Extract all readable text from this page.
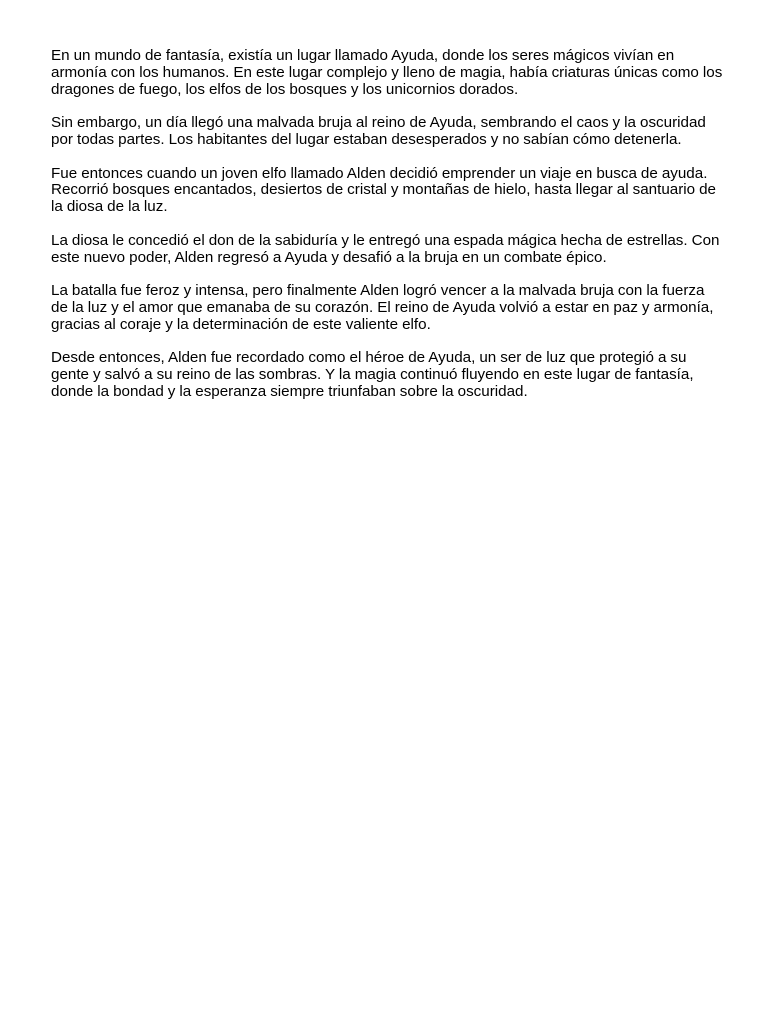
En un mundo de fantasía, existía un lugar llamado Ayuda, donde los seres mágicos vivían en armonía con los humanos. En este lugar complejo y lleno de magia, había criaturas únicas como los dragones de fuego, los elfos de los bosques y los unicornios dorados.

Sin embargo, un día llegó una malvada bruja al reino de Ayuda, sembrando el caos y la oscuridad por todas partes. Los habitantes del lugar estaban desesperados y no sabían cómo detenerla.

Fue entonces cuando un joven elfo llamado Alden decidió emprender un viaje en busca de ayuda. Recorrió bosques encantados, desiertos de cristal y montañas de hielo, hasta llegar al santuario de la diosa de la luz.

La diosa le concedió el don de la sabiduría y le entregó una espada mágica hecha de estrellas. Con este nuevo poder, Alden regresó a Ayuda y desafió a la bruja en un combate épico.

La batalla fue feroz y intensa, pero finalmente Alden logró vencer a la malvada bruja con la fuerza de la luz y el amor que emanaba de su corazón. El reino de Ayuda volvió a estar en paz y armonía, gracias al coraje y la determinación de este valiente elfo.

Desde entonces, Alden fue recordado como el héroe de Ayuda, un ser de luz que protegió a su gente y salvó a su reino de las sombras. Y la magia continuó fluyendo en este lugar de fantasía, donde la bondad y la esperanza siempre triunfaban sobre la oscuridad.
